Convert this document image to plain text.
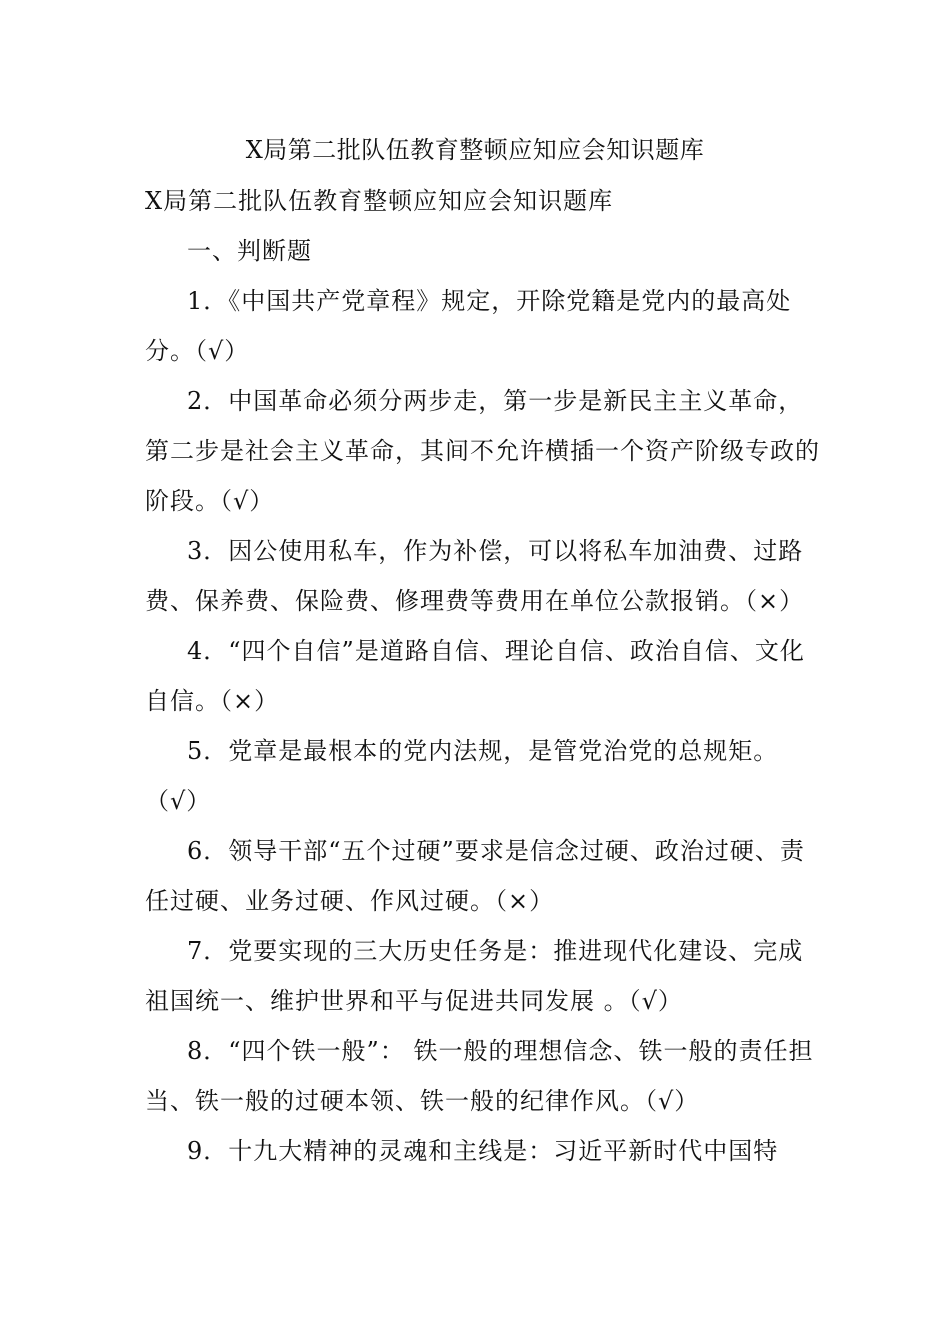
X局第二批队伍教育整顿应知应会知识题库

X局第二批队伍教育整顿应知应会知识题库

一、判断题

1．《中国共产党章程》规定，开除党籍是党内的最高处分。（√）

2．中国革命必须分两步走，第一步是新民主主义革命，第二步是社会主义革命，其间不允许横插一个资产阶级专政的阶段。（√）

3．因公使用私车，作为补偿，可以将私车加油费、过路费、保养费、保险费、修理费等费用在单位公款报销。（×）

4．“四个自信”是道路自信、理论自信、政治自信、文化自信。（×）

5．党章是最根本的党内法规，是管党治党的总规矩。（√）

6．领导干部“五个过硬”要求是信念过硬、政治过硬、责任过硬、业务过硬、作风过硬。（×）

7．党要实现的三大历史任务是：推进现代化建设、完成祖国统一、维护世界和平与促进共同发展 。（√）

8．“四个铁一般”： 铁一般的理想信念、铁一般的责任担当、铁一般的过硬本领、铁一般的纪律作风。（√）

9．十九大精神的灵魂和主线是：习近平新时代中国特
